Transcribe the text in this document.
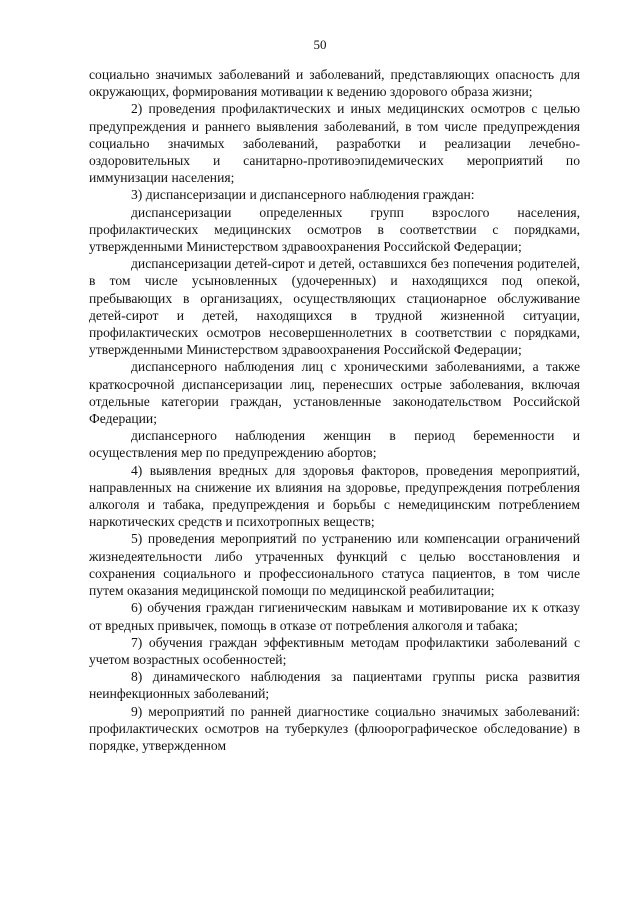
50

социально значимых заболеваний и заболеваний, представляющих опасность для окружающих, формирования мотивации к ведению здорового образа жизни;

2) проведения профилактических и иных медицинских осмотров с целью предупреждения и раннего выявления заболеваний, в том числе предупреждения социально значимых заболеваний, разработки и реализации лечебно-оздоровительных и санитарно-противоэпидемических мероприятий по иммунизации населения;

3) диспансеризации и диспансерного наблюдения граждан:

диспансеризации определенных групп взрослого населения, профилактических медицинских осмотров в соответствии с порядками, утвержденными Министерством здравоохранения Российской Федерации;

диспансеризации детей-сирот и детей, оставшихся без попечения родителей, в том числе усыновленных (удочеренных) и находящихся под опекой, пребывающих в организациях, осуществляющих стационарное обслуживание детей-сирот и детей, находящихся в трудной жизненной ситуации, профилактических осмотров несовершеннолетних в соответствии с порядками, утвержденными Министерством здравоохранения Российской Федерации;

диспансерного наблюдения лиц с хроническими заболеваниями, а также краткосрочной диспансеризации лиц, перенесших острые заболевания, включая отдельные категории граждан, установленные законодательством Российской Федерации;

диспансерного наблюдения женщин в период беременности и осуществления мер по предупреждению абортов;

4) выявления вредных для здоровья факторов, проведения мероприятий, направленных на снижение их влияния на здоровье, предупреждения потребления алкоголя и табака, предупреждения и борьбы с немедицинским потреблением наркотических средств и психотропных веществ;

5) проведения мероприятий по устранению или компенсации ограничений жизнедеятельности либо утраченных функций с целью восстановления и сохранения социального и профессионального статуса пациентов, в том числе путем оказания медицинской помощи по медицинской реабилитации;

6) обучения граждан гигиеническим навыкам и мотивирование их к отказу от вредных привычек, помощь в отказе от потребления алкоголя и табака;

7) обучения граждан эффективным методам профилактики заболеваний с учетом возрастных особенностей;

8) динамического наблюдения за пациентами группы риска развития неинфекционных заболеваний;

9) мероприятий по ранней диагностике социально значимых заболеваний: профилактических осмотров на туберкулез (флюорографическое обследование) в порядке, утвержденном
